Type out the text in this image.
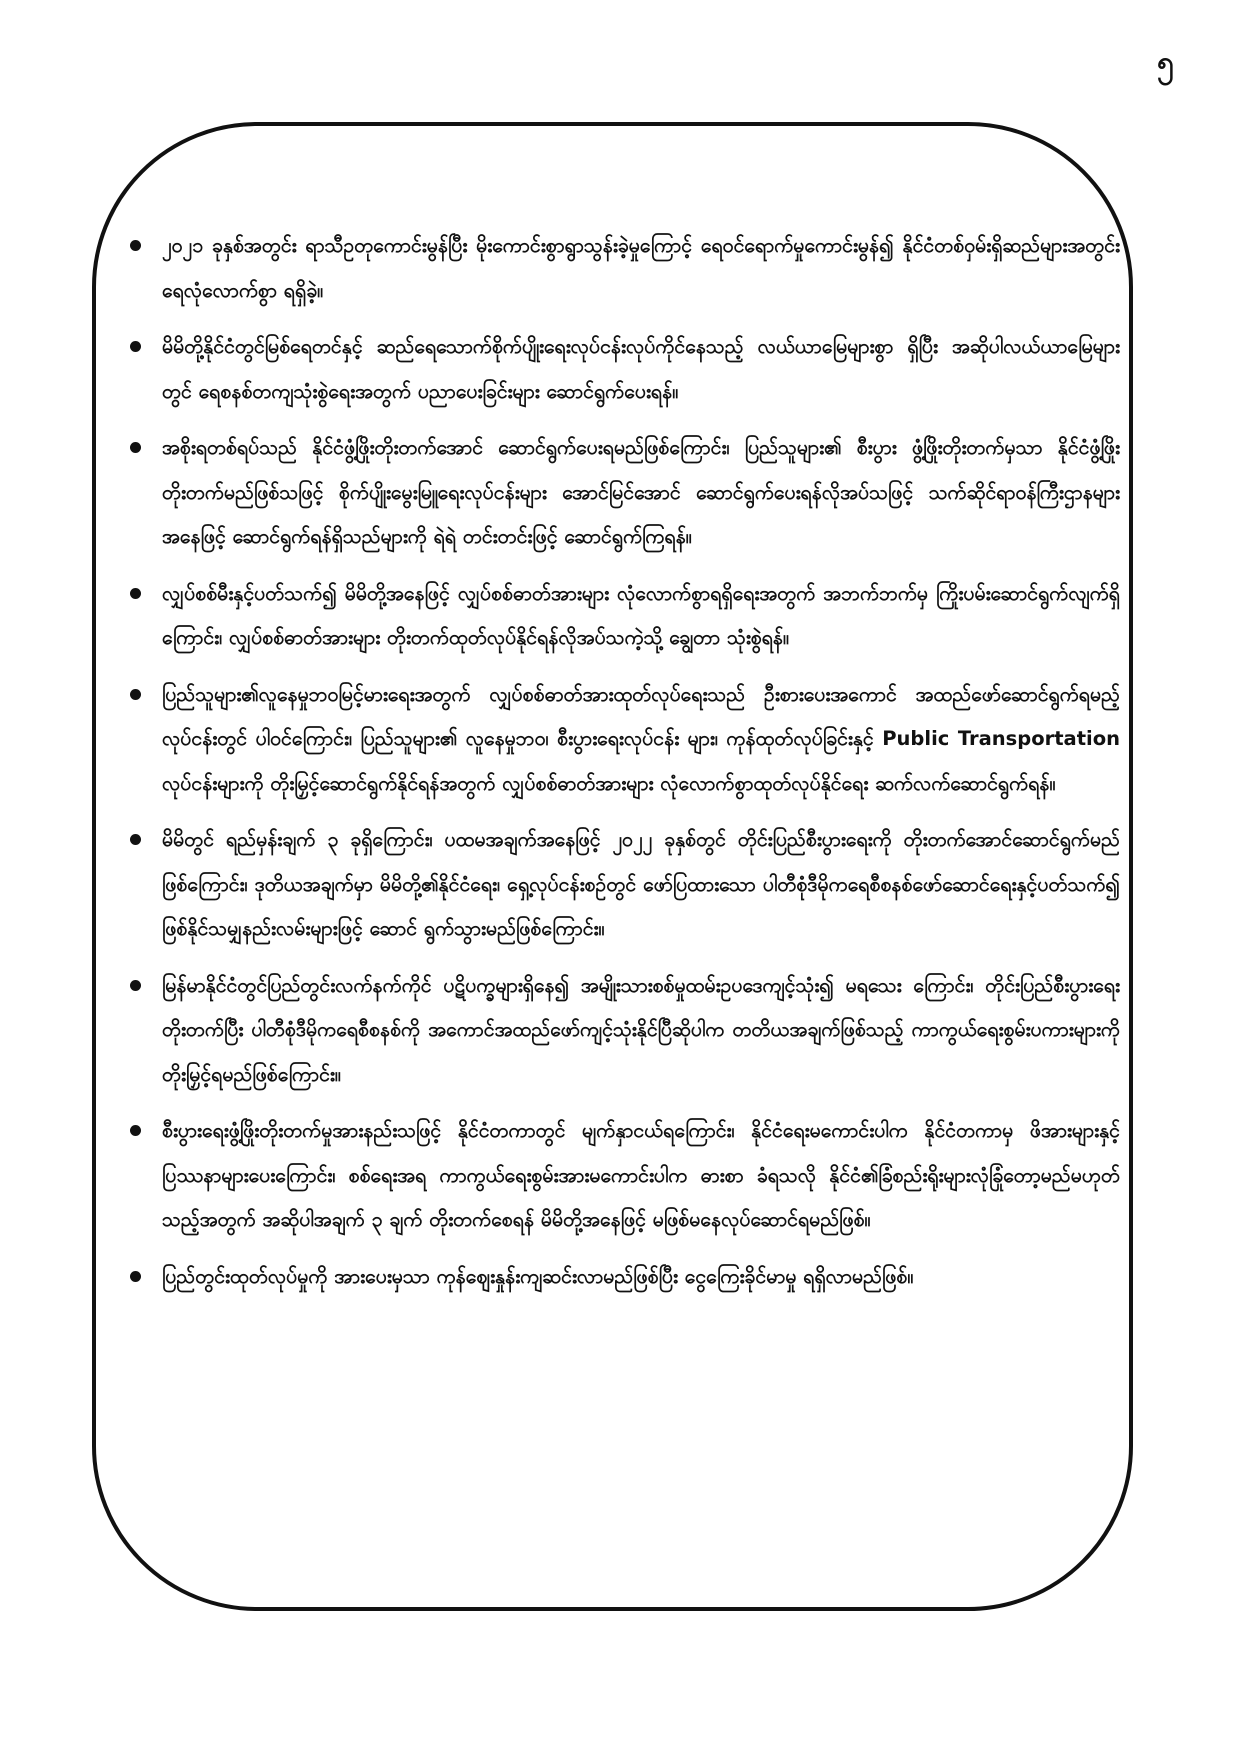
၅
၂၀၂၁ ခုနှစ်အတွင်း ရာသီဥတုကောင်းမွန်ပြီး မိုးကောင်းစွာရွာသွန်းခဲ့မှုကြောင့် ရေဝင်ရောက်မှုကောင်းမွန်၍ နိုင်ငံတစ်ဝှမ်းရှိဆည်များအတွင်း ရေလုံလောက်စွာ ရရှိခဲ့။
မိမိတို့နိုင်ငံတွင်မြစ်ရေတင်နှင့် ဆည်ရေသောက်စိုက်ပျိုးရေးလုပ်ငန်းလုပ်ကိုင်နေသည့် လယ်ယာမြေများစွာ ရှိပြီး အဆိုပါလယ်ယာမြေများတွင် ရေစနစ်တကျသုံးစွဲရေးအတွက် ပညာပေးခြင်းများ ဆောင်ရွက်ပေးရန်။
အစိုးရတစ်ရပ်သည် နိုင်ငံဖွံ့ဖြိုးတိုးတက်အောင် ဆောင်ရွက်ပေးရမည်ဖြစ်ကြောင်း၊ ပြည်သူများ၏ စီးပွား ဖွံ့ဖြိုးတိုးတက်မှသာ နိုင်ငံဖွံ့ဖြိုးတိုးတက်မည်ဖြစ်သဖြင့် စိုက်ပျိုးမွေးမြူရေးလုပ်ငန်းများ အောင်မြင်အောင် ဆောင်ရွက်ပေးရန်လိုအပ်သဖြင့် သက်ဆိုင်ရာဝန်ကြီးဌာနများအနေဖြင့် ဆောင်ရွက်ရန်ရှိသည်များကို ရဲရဲ တင်းတင်းဖြင့် ဆောင်ရွက်ကြရန်။
လျှပ်စစ်မီးနှင့်ပတ်သက်၍ မိမိတို့အနေဖြင့် လျှပ်စစ်ဓာတ်အားများ လုံလောက်စွာရရှိရေးအတွက် အဘက်ဘက်မှ ကြိုးပမ်းဆောင်ရွက်လျက်ရှိကြောင်း၊ လျှပ်စစ်ဓာတ်အားများ တိုးတက်ထုတ်လုပ်နိုင်ရန်လိုအပ်သကဲ့သို့ ချွေတာ သုံးစွဲရန်။
ပြည်သူများ၏လူနေမှုဘဝမြင့်မားရေးအတွက် လျှပ်စစ်ဓာတ်အားထုတ်လုပ်ရေးသည် ဦးစားပေးအကောင် အထည်ဖော်ဆောင်ရွက်ရမည့်လုပ်ငန်းတွင် ပါဝင်ကြောင်း၊ ပြည်သူများ၏ လူနေမှုဘဝ၊ စီးပွားရေးလုပ်ငန်း များ၊ ကုန်ထုတ်လုပ်ခြင်းနှင့် Public Transportation လုပ်ငန်းများကို တိုးမြှင့်ဆောင်ရွက်နိုင်ရန်အတွက် လျှပ်စစ်ဓာတ်အားများ လုံလောက်စွာထုတ်လုပ်နိုင်ရေး ဆက်လက်ဆောင်ရွက်ရန်။
မိမိတွင် ရည်မှန်းချက် ၃ ခုရှိကြောင်း၊ ပထမအချက်အနေဖြင့် ၂၀၂၂ ခုနှစ်တွင် တိုင်းပြည်စီးပွားရေးကို တိုးတက်အောင်ဆောင်ရွက်မည်ဖြစ်ကြောင်း၊ ဒုတိယအချက်မှာ မိမိတို့၏နိုင်ငံရေး၊ ရှေ့လုပ်ငန်းစဉ်တွင် ဖော်ပြထားသော ပါတီစုံဒီမိုကရေစီစနစ်ဖော်ဆောင်ရေးနှင့်ပတ်သက်၍ ဖြစ်နိုင်သမျှနည်းလမ်းများဖြင့် ဆောင် ရွက်သွားမည်ဖြစ်ကြောင်း။
မြန်မာနိုင်ငံတွင်ပြည်တွင်းလက်နက်ကိုင် ပဋိပက္ခများရှိနေ၍ အမျိုးသားစစ်မှုထမ်းဥပဒေကျင့်သုံး၍ မရသေး ကြောင်း၊ တိုင်းပြည်စီးပွားရေးတိုးတက်ပြီး ပါတီစုံဒီမိုကရေစီစနစ်ကို အကောင်အထည်ဖော်ကျင့်သုံးနိုင်ပြီဆိုပါက တတိယအချက်ဖြစ်သည့် ကာကွယ်ရေးစွမ်းပကားများကို တိုးမြှင့်ရမည်ဖြစ်ကြောင်း။
စီးပွားရေးဖွံ့ဖြိုးတိုးတက်မှုအားနည်းသဖြင့် နိုင်ငံတကာတွင် မျက်နှာငယ်ရကြောင်း၊ နိုင်ငံရေးမကောင်းပါက နိုင်ငံတကာမှ ဖိအားများနှင့်ပြဿနာများပေးကြောင်း၊ စစ်ရေးအရ ကာကွယ်ရေးစွမ်းအားမကောင်းပါက ဓားစာ ခံရသလို နိုင်ငံ၏ခြံစည်းရိုးများလုံခြုံတော့မည်မဟုတ်သည့်အတွက် အဆိုပါအချက် ၃ ချက် တိုးတက်စေရန် မိမိတို့အနေဖြင့် မဖြစ်မနေလုပ်ဆောင်ရမည်ဖြစ်။
ပြည်တွင်းထုတ်လုပ်မှုကို အားပေးမှသာ ကုန်ဈေးနှုန်းကျဆင်းလာမည်ဖြစ်ပြီး ငွေကြေးခိုင်မာမှု ရရှိလာမည်ဖြစ်။
